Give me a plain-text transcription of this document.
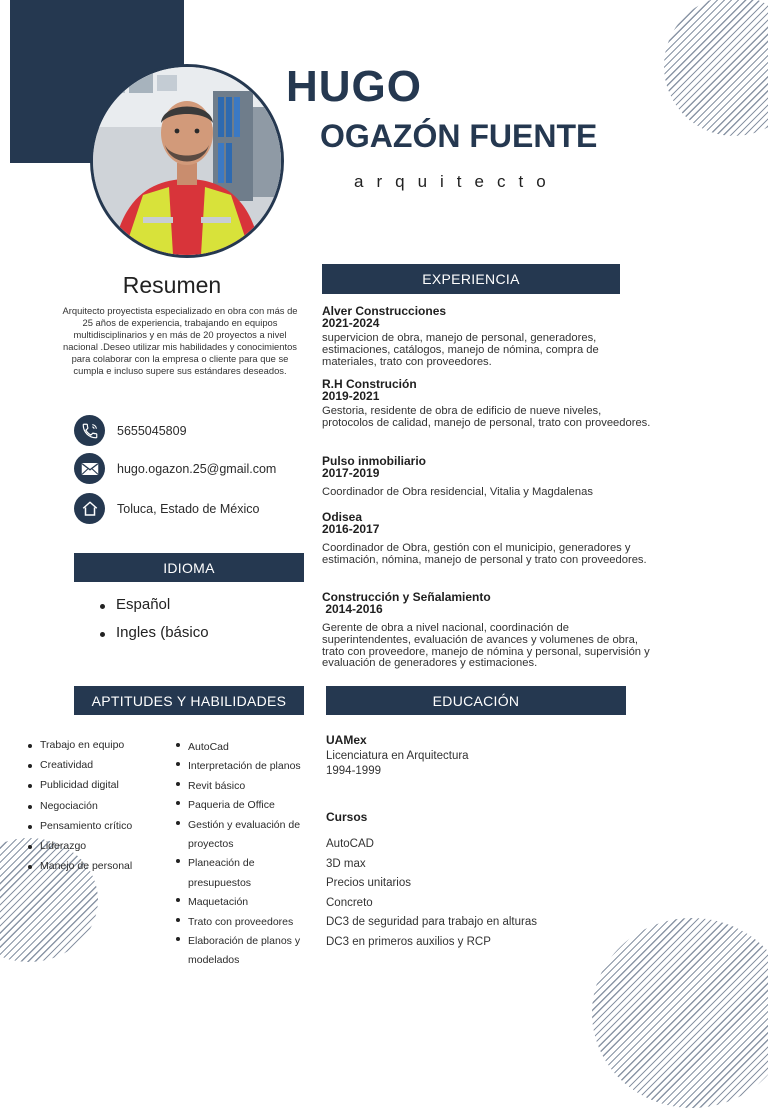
HUGO
OGAZÓN FUENTE
arquitecto
Resumen
Arquitecto proyectista especializado en obra con más de 25 años de experiencia, trabajando en equipos multidisciplinarios y en más de 20 proyectos a nivel nacional .Deseo utilizar mis habilidades y conocimientos para colaborar con la empresa o cliente para que se cumpla e incluso supere sus estándares deseados.
5655045809
hugo.ogazon.25@gmail.com
Toluca, Estado de México
IDIOMA
Español
Ingles (básico
EXPERIENCIA
Alver Construcciones
2021-2024
supervicion de obra, manejo de personal, generadores, estimaciones, catálogos, manejo de nómina, compra de materiales, trato con proveedores.
R.H Construción
2019-2021
Gestoria, residente de obra de edificio de nueve niveles, protocolos de calidad, manejo de personal, trato con proveedores.
Pulso inmobiliario
2017-2019
Coordinador de Obra residencial, Vitalia y Magdalenas
Odisea
2016-2017
Coordinador de Obra, gestión con el municipio, generadores y estimación, nómina, manejo de personal y trato con proveedores.
Construcción y Señalamiento
2014-2016
Gerente de obra a nivel nacional, coordinación de superintendentes, evaluación de avances y volumenes de obra, trato con proveedore, manejo de nómina y personal, supervisión y evaluación de generadores y estimaciones.
APTITUDES Y HABILIDADES
Trabajo en equipo
Creatividad
Publicidad digital
Negociación
Pensamiento crítico
Liderazgo
Manejo de personal
AutoCad
Interpretación de planos
Revit básico
Paqueria de Office
Gestión y evaluación de proyectos
Planeación de presupuestos
Maquetación
Trato con proveedores
Elaboración de planos y modelados
EDUCACIÓN
UAMex
Licenciatura en Arquitectura
1994-1999
Cursos
AutoCAD
3D max
Precios unitarios
Concreto
DC3 de seguridad para trabajo en alturas
DC3 en primeros auxilios y RCP
